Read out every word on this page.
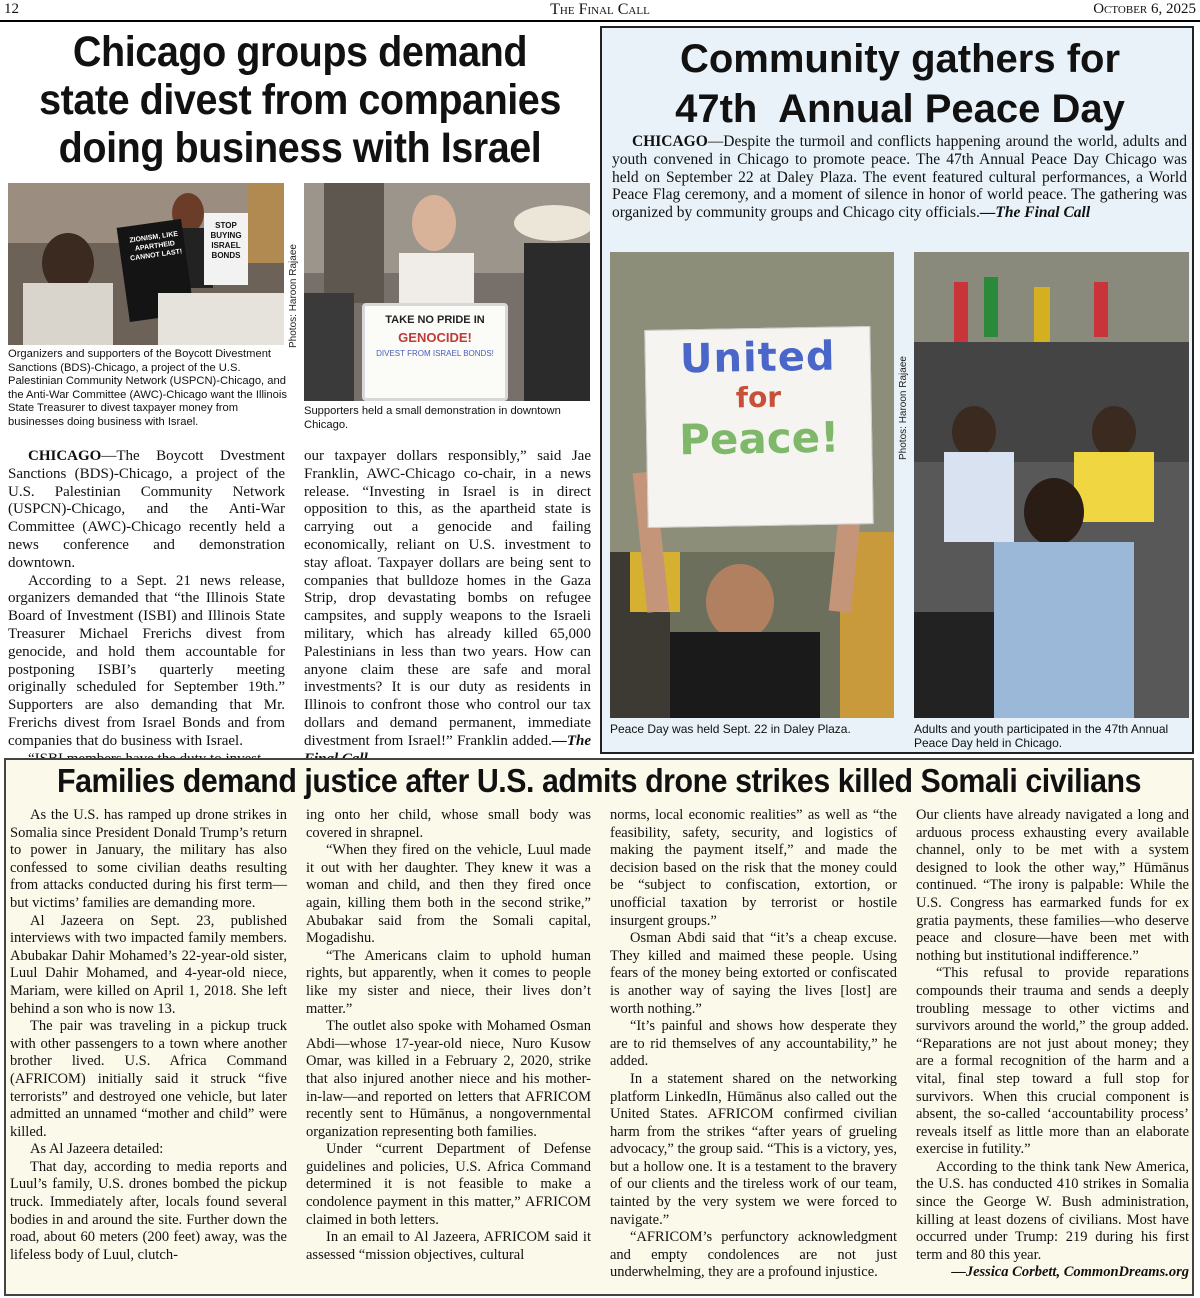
12	The Final Call	October 6, 2025
Chicago groups demand state divest from companies doing business with Israel
STOP BUYING ISRAEL BONDS
ZIONISM, LIKE APARTHEID CANNOT LAST!
Organizers and supporters of the Boycott Divestment Sanctions (BDS)-Chicago, a project of the U.S. Palestinian Community Network (USPCN)-Chicago, and the Anti-War Committee (AWC)-Chicago want the Illinois State Treasurer to divest taxpayer money from businesses doing business with Israel.
TAKE NO PRIDE IN
GENOCIDE!
DIVEST FROM ISRAEL BONDS!
Photos: Haroon Rajaee
Supporters held a small demonstration in downtown Chicago.

CHICAGO—The Boycott Dvestment Sanctions (BDS)-Chicago, a project of the U.S. Palestinian Community Network (USPCN)-Chicago, and the Anti-War Committee (AWC)-Chicago recently held a news conference and demonstration downtown.

According to a Sept. 21 news release, organizers demanded that “the Illinois State Board of Investment (ISBI) and Illinois State Treasurer Michael Frerichs divest from genocide, and hold them accountable for postponing ISBI’s quarterly meeting originally scheduled for September 19th.” Supporters are also demanding that Mr. Frerichs divest from Israel Bonds and from companies that do business with Israel.

our taxpayer dollars responsibly,” said Jae Franklin, AWC-Chicago co-chair, in a news release. “Investing in Israel is in direct opposition to this, as the apartheid state is carrying out a genocide and failing economically, reliant on U.S. investment to stay afloat. Taxpayer dollars are being sent to companies that bulldoze homes in the Gaza Strip, drop devastating bombs on refugee campsites, and supply weapons to the Israeli military, which has already killed 65,000 Palestinians in less than two years. How can anyone claim these are safe and moral investments? It is our duty as residents in Illinois to confront those who control our tax dollars and demand permanent, immediate divestment from Israel!” Franklin added.—The

Community gathers for 47th  Annual Peace Day

CHICAGO—Despite the turmoil and conflicts happening around the world, adults and youth convened in Chicago to promote peace. The 47th Annual Peace Day Chicago was held on September 22 at Daley Plaza. The event featured cultural performances, a World Peace Flag ceremony, and a moment of silence in honor of world peace. The gathering was organized by community groups and Chicago city officials.—The Final Call

United
for
Peace!
Peace Day was held Sept. 22 in Daley Plaza.
Photos: Haroon Rajaee
Adults and youth participated in the 47th Annual Peace Day held in Chicago.
Families demand justice after U.S. admits drone strikes killed Somali civilians

As the U.S. has ramped up drone strikes in Somalia since President Donald Trump’s return to power in January, the military has also confessed to some civilian deaths resulting from attacks conducted during his first term—but victims’ families are demanding more.

Al Jazeera on Sept. 23, published interviews with two impacted family members. Abubakar Dahir Mohamed’s 22-year-old sister, Luul Dahir Mohamed, and 4-year-old niece, Mariam, were killed on April 1, 2018. She left behind a son who is now 13.

The pair was traveling in a pickup truck with other passengers to a town where another brother lived. U.S. Africa Command (AFRICOM) initially said it struck “five terrorists” and destroyed one vehicle, but later admitted an unnamed “mother and child” were killed.

As Al Jazeera detailed:

That day, according to media reports and Luul’s family, U.S. drones bombed the pickup truck. Immediately after, locals found several bodies in and around the site. Further down the road, about 60 meters (200 feet) away, was the lifeless body of Luul, clutch-

ing onto her child, whose small body was covered in shrapnel.

“When they fired on the vehicle, Luul made it out with her daughter. They knew it was a woman and child, and then they fired once again, killing them both in the second strike,” Abubakar said from the Somali capital, Mogadishu.

“The Americans claim to uphold human rights, but apparently, when it comes to people like my sister and niece, their lives don’t matter.”

The outlet also spoke with Mohamed Osman Abdi—whose 17-year-old niece, Nuro Kusow Omar, was killed in a February 2, 2020, strike that also injured another niece and his mother-in-law—and reported on letters that AFRICOM recently sent to Hūmānus, a nongovernmental organization representing both families.

Under “current Department of Defense guidelines and policies, U.S. Africa Command determined it is not feasible to make a condolence payment in this matter,” AFRICOM claimed in both letters.

In an email to Al Jazeera, AFRICOM said it assessed “mission objectives, cultural

norms, local economic realities” as well as “the feasibility, safety, security, and logistics of making the payment itself,” and made the decision based on the risk that the money could be “subject to confiscation, extortion, or unofficial taxation by terrorist or hostile insurgent groups.”

Osman Abdi said that “it’s a cheap excuse. They killed and maimed these people. Using fears of the money being extorted or confiscated is another way of saying the lives [lost] are worth nothing.”

“It’s painful and shows how desperate they are to rid themselves of any accountability,” he added.

In a statement shared on the networking platform LinkedIn, Hūmānus also called out the United States. AFRICOM confirmed civilian harm from the strikes “after years of grueling advocacy,” the group said. “This is a victory, yes, but a hollow one. It is a testament to the bravery of our clients and the tireless work of our team, tainted by the very system we were forced to navigate.”

“AFRICOM’s perfunctory acknowledgment and empty condolences are not just underwhelming, they are a profound injustice.

Our clients have already navigated a long and arduous process exhausting every available channel, only to be met with a system designed to look the other way,” Hūmānus continued. “The irony is palpable: While the U.S. Congress has earmarked funds for ex gratia payments, these families—who deserve peace and closure—have been met with nothing but institutional indifference.”

“This refusal to provide reparations compounds their trauma and sends a deeply troubling message to other victims and survivors around the world,” the group added. “Reparations are not just about money; they are a formal recognition of the harm and a vital, final step toward a full stop for survivors. When this crucial component is absent, the so-called ‘accountability process’ reveals itself as little more than an elaborate exercise in futility.”

According to the think tank New America, the U.S. has conducted 410 strikes in Somalia since the George W. Bush administration, killing at least dozens of civilians. Most have occurred under Trump: 219 during his first term and 80 this year.

—Jessica Corbett, CommonDreams.org
